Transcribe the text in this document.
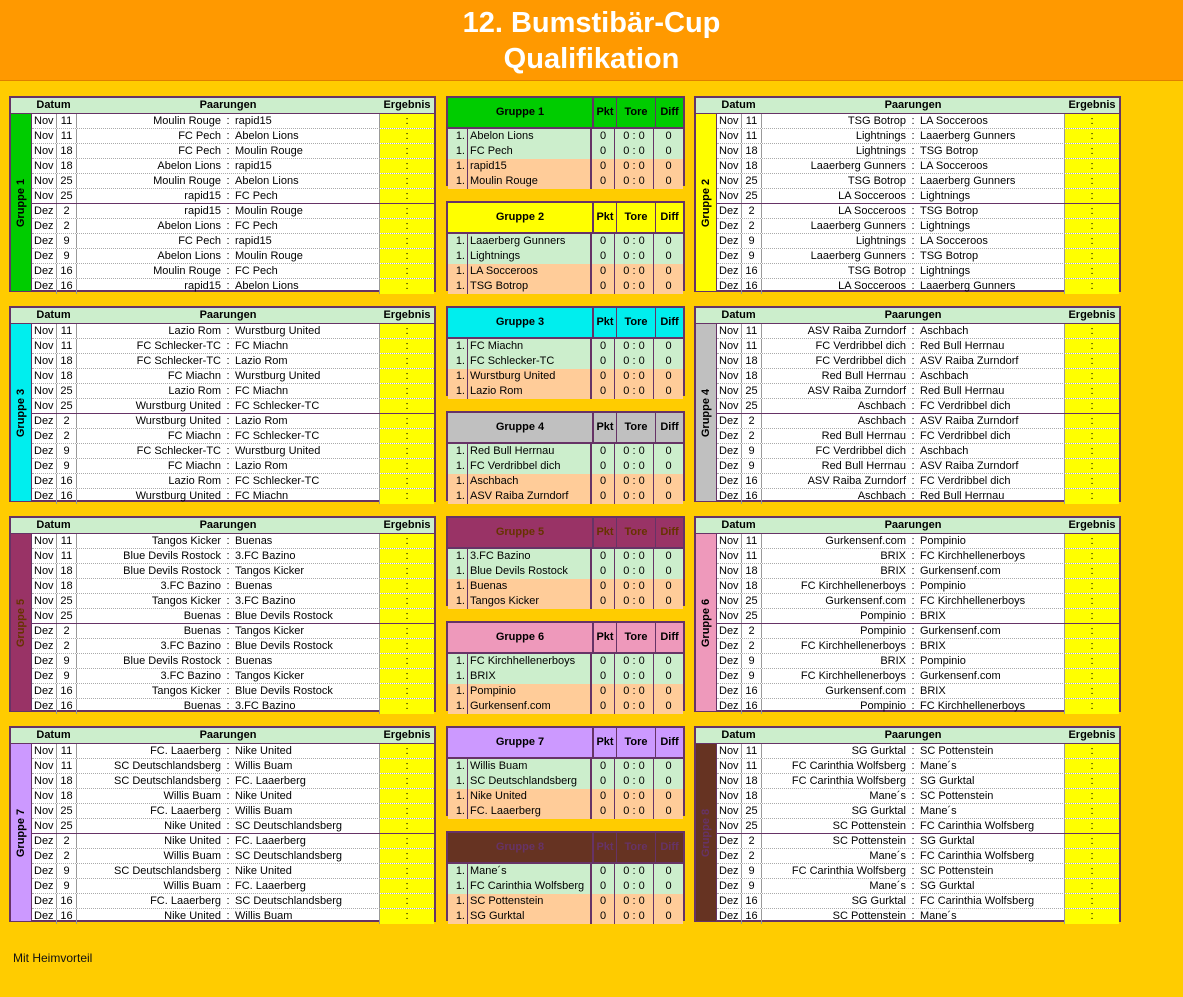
12. Bumstibär-Cup
Qualifikation
Datum	Paarungen	Ergebnis
Gruppe 1
Nov 11	Moulin Rouge : rapid15	:
Nov 11	FC Pech : Abelon Lions	:
Nov 18	FC Pech : Moulin Rouge	:
Nov 18	Abelon Lions : rapid15	:
Nov 25	Moulin Rouge : Abelon Lions	:
Nov 25	rapid15 : FC Pech	:
Dez 2	rapid15 : Moulin Rouge	:
Dez 2	Abelon Lions : FC Pech	:
Dez 9	FC Pech : rapid15	:
Dez 9	Abelon Lions : Moulin Rouge	:
Dez 16	Moulin Rouge : FC Pech	:
Dez 16	rapid15 : Abelon Lions	:
Gruppe 1	Pkt Tore	Diff
1. Abelon Lions	0	0 : 0	0
1. FC Pech	0	0 : 0	0
1. rapid15	0	0 : 0	0
1. Moulin Rouge	0	0 : 0	0
Datum	Paarungen	Ergebnis
Gruppe 2
Nov 11	TSG Botrop : LA Socceroos	:
Nov 11	Lightnings : Laaerberg Gunners	:
Nov 18	Lightnings : TSG Botrop	:
Nov 18	Laaerberg Gunners : LA Socceroos	:
Nov 25	TSG Botrop : Laaerberg Gunners	:
Nov 25	LA Socceroos : Lightnings	:
Dez 2	LA Socceroos : TSG Botrop	:
Dez 2	Laaerberg Gunners : Lightnings	:
Dez 9	Lightnings : LA Socceroos	:
Dez 9	Laaerberg Gunners : TSG Botrop	:
Dez 16	TSG Botrop : Lightnings	:
Dez 16	LA Socceroos : Laaerberg Gunners	:
Gruppe 2	Pkt Tore	Diff
1. Laaerberg Gunners	0	0 : 0	0
1. Lightnings	0	0 : 0	0
1. LA Socceroos	0	0 : 0	0
1. TSG Botrop	0	0 : 0	0
Datum	Paarungen	Ergebnis
Gruppe 3
Nov 11	Lazio Rom : Wurstburg United	:
Nov 11	FC Schlecker-TC : FC Miachn	:
Nov 18	FC Schlecker-TC : Lazio Rom	:
Nov 18	FC Miachn : Wurstburg United	:
Nov 25	Lazio Rom : FC Miachn	:
Nov 25	Wurstburg United : FC Schlecker-TC	:
Dez 2	Wurstburg United : Lazio Rom	:
Dez 2	FC Miachn : FC Schlecker-TC	:
Dez 9	FC Schlecker-TC : Wurstburg United	:
Dez 9	FC Miachn : Lazio Rom	:
Dez 16	Lazio Rom : FC Schlecker-TC	:
Dez 16	Wurstburg United : FC Miachn	:
Gruppe 3	Pkt Tore	Diff
1. FC Miachn	0	0 : 0	0
1. FC Schlecker-TC	0	0 : 0	0
1. Wurstburg United	0	0 : 0	0
1. Lazio Rom	0	0 : 0	0
Datum	Paarungen	Ergebnis
Gruppe 4
Nov 11	ASV Raiba Zurndorf : Aschbach	:
Nov 11	FC Verdribbel dich : Red Bull Herrnau	:
Nov 18	FC Verdribbel dich : ASV Raiba Zurndorf	:
Nov 18	Red Bull Herrnau : Aschbach	:
Nov 25	ASV Raiba Zurndorf : Red Bull Herrnau	:
Nov 25	Aschbach : FC Verdribbel dich	:
Dez 2	Aschbach : ASV Raiba Zurndorf	:
Dez 2	Red Bull Herrnau : FC Verdribbel dich	:
Dez 9	FC Verdribbel dich : Aschbach	:
Dez 9	Red Bull Herrnau : ASV Raiba Zurndorf	:
Dez 16	ASV Raiba Zurndorf : FC Verdribbel dich	:
Dez 16	Aschbach : Red Bull Herrnau	:
Gruppe 4	Pkt Tore	Diff
1. Red Bull Herrnau	0	0 : 0	0
1. FC Verdribbel dich	0	0 : 0	0
1. Aschbach	0	0 : 0	0
1. ASV Raiba Zurndorf	0	0 : 0	0
Datum	Paarungen	Ergebnis
Gruppe 5
Nov 11	Tangos Kicker : Buenas	:
Nov 11	Blue Devils Rostock : 3.FC Bazino	:
Nov 18	Blue Devils Rostock : Tangos Kicker	:
Nov 18	3.FC Bazino : Buenas	:
Nov 25	Tangos Kicker : 3.FC Bazino	:
Nov 25	Buenas : Blue Devils Rostock	:
Dez 2	Buenas : Tangos Kicker	:
Dez 2	3.FC Bazino : Blue Devils Rostock	:
Dez 9	Blue Devils Rostock : Buenas	:
Dez 9	3.FC Bazino : Tangos Kicker	:
Dez 16	Tangos Kicker : Blue Devils Rostock	:
Dez 16	Buenas : 3.FC Bazino	:
Gruppe 5	Pkt Tore	Diff
1. 3.FC Bazino	0	0 : 0	0
1. Blue Devils Rostock	0	0 : 0	0
1. Buenas	0	0 : 0	0
1. Tangos Kicker	0	0 : 0	0
Datum	Paarungen	Ergebnis
Gruppe 6
Nov 11	Gurkensenf.com : Pompinio	:
Nov 11	BRIX : FC Kirchhellenerboys	:
Nov 18	BRIX : Gurkensenf.com	:
Nov 18	FC Kirchhellenerboys : Pompinio	:
Nov 25	Gurkensenf.com : FC Kirchhellenerboys	:
Nov 25	Pompinio : BRIX	:
Dez 2	Pompinio : Gurkensenf.com	:
Dez 2	FC Kirchhellenerboys : BRIX	:
Dez 9	BRIX : Pompinio	:
Dez 9	FC Kirchhellenerboys : Gurkensenf.com	:
Dez 16	Gurkensenf.com : BRIX	:
Dez 16	Pompinio : FC Kirchhellenerboys	:
Gruppe 6	Pkt Tore	Diff
1. FC Kirchhellenerboys	0	0 : 0	0
1. BRIX	0	0 : 0	0
1. Pompinio	0	0 : 0	0
1. Gurkensenf.com	0	0 : 0	0
Datum	Paarungen	Ergebnis
Gruppe 7
Nov 11	FC. Laaerberg : Nike United	:
Nov 11	SC Deutschlandsberg : Willis Buam	:
Nov 18	SC Deutschlandsberg : FC. Laaerberg	:
Nov 18	Willis Buam : Nike United	:
Nov 25	FC. Laaerberg : Willis Buam	:
Nov 25	Nike United : SC Deutschlandsberg	:
Dez 2	Nike United : FC. Laaerberg	:
Dez 2	Willis Buam : SC Deutschlandsberg	:
Dez 9	SC Deutschlandsberg : Nike United	:
Dez 9	Willis Buam : FC. Laaerberg	:
Dez 16	FC. Laaerberg : SC Deutschlandsberg	:
Dez 16	Nike United : Willis Buam	:
Gruppe 7	Pkt Tore	Diff
1. Willis Buam	0	0 : 0	0
1. SC Deutschlandsberg	0	0 : 0	0
1. Nike United	0	0 : 0	0
1. FC. Laaerberg	0	0 : 0	0
Datum	Paarungen	Ergebnis
Gruppe 8
Nov 11	SG Gurktal : SC Pottenstein	:
Nov 11	FC Carinthia Wolfsberg : Mane´s	:
Nov 18	FC Carinthia Wolfsberg : SG Gurktal	:
Nov 18	Mane´s : SC Pottenstein	:
Nov 25	SG Gurktal : Mane´s	:
Nov 25	SC Pottenstein : FC Carinthia Wolfsberg	:
Dez 2	SC Pottenstein : SG Gurktal	:
Dez 2	Mane´s : FC Carinthia Wolfsberg	:
Dez 9	FC Carinthia Wolfsberg : SC Pottenstein	:
Dez 9	Mane´s : SG Gurktal	:
Dez 16	SG Gurktal : FC Carinthia Wolfsberg	:
Dez 16	SC Pottenstein : Mane´s	:
Gruppe 8	Pkt Tore	Diff
1. Mane´s	0	0 : 0	0
1. FC Carinthia Wolfsberg	0	0 : 0	0
1. SC Pottenstein	0	0 : 0	0
1. SG Gurktal	0	0 : 0	0
Mit Heimvorteil
